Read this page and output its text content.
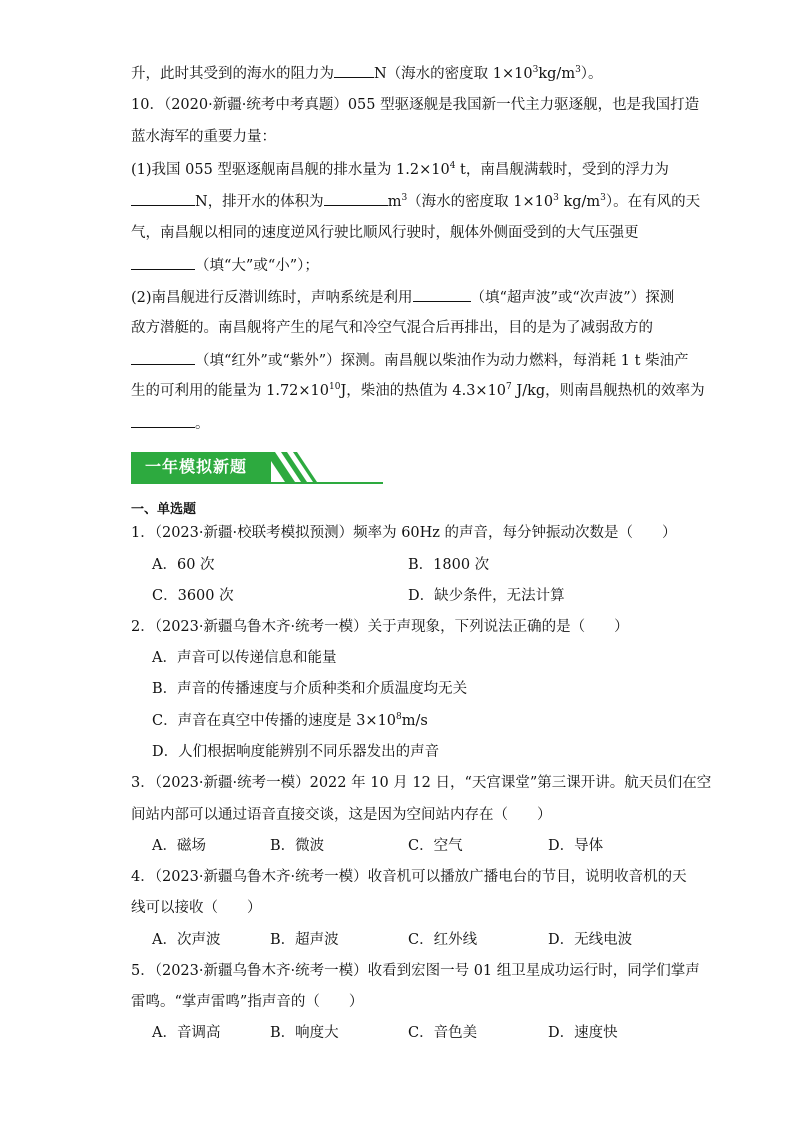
升，此时其受到的海水的阻力为	N（海水的密度取 $1\times 10^3kg/m^3$）。
10．（2020·新疆·统考中考真题）055 型驱逐舰是我国新一代主力驱逐舰，也是我国打造
蓝水海军的重要力量：
(1)我国 055 型驱逐舰南昌舰的排水量为 $1.2\times 10^4$ t，南昌舰满载时，受到的浮力为
N，排开水的体积为	$m^3$（海水的密度取 $1\times 10^3$ $kg/m^3$）。在有风的天
气，南昌舰以相同的速度逆风行驶比顺风行驶时，舰体外侧面受到的大气压强更
（填“大”或“小”）；
(2)南昌舰进行反潜训练时，声呐系统是利用	（填“超声波”或“次声波”）探测
敌方潜艇的。南昌舰将产生的尾气和冷空气混合后再排出，目的是为了减弱敌方的
（填“红外”或“紫外”）探测。南昌舰以柴油作为动力燃料，每消耗 1 t 柴油产
生的可利用的能量为 $1.72\times 10^{10}J$，柴油的热值为 $4.3\times 10^7$ J/kg，则南昌舰热机的效率为
。
一年模拟新题
一、单选题
1．（2023·新疆·校联考模拟预测）频率为 60Hz 的声音，每分钟振动次数是（　　）
A．60 次	B．1800 次
C．3600 次	D．缺少条件，无法计算
2．（2023·新疆乌鲁木齐·统考一模）关于声现象，下列说法正确的是（　　）
A．声音可以传递信息和能量
B．声音的传播速度与介质种类和介质温度均无关
C．声音在真空中传播的速度是 $3\times 10^8m/s$
D．人们根据响度能辨别不同乐器发出的声音
3．（2023·新疆·统考一模）2022 年 10 月 12 日，“天宫课堂”第三课开讲。航天员们在空
间站内部可以通过语音直接交谈，这是因为空间站内存在（　　）
A．磁场	B．微波	C．空气	D．导体
4．（2023·新疆乌鲁木齐·统考一模）收音机可以播放广播电台的节目，说明收音机的天
线可以接收（　　）
A．次声波	B．超声波	C．红外线	D．无线电波
5．（2023·新疆乌鲁木齐·统考一模）收看到宏图一号 01 组卫星成功运行时，同学们掌声
雷鸣。“掌声雷鸣”指声音的（　　）
A．音调高	B．响度大	C．音色美	D．速度快
